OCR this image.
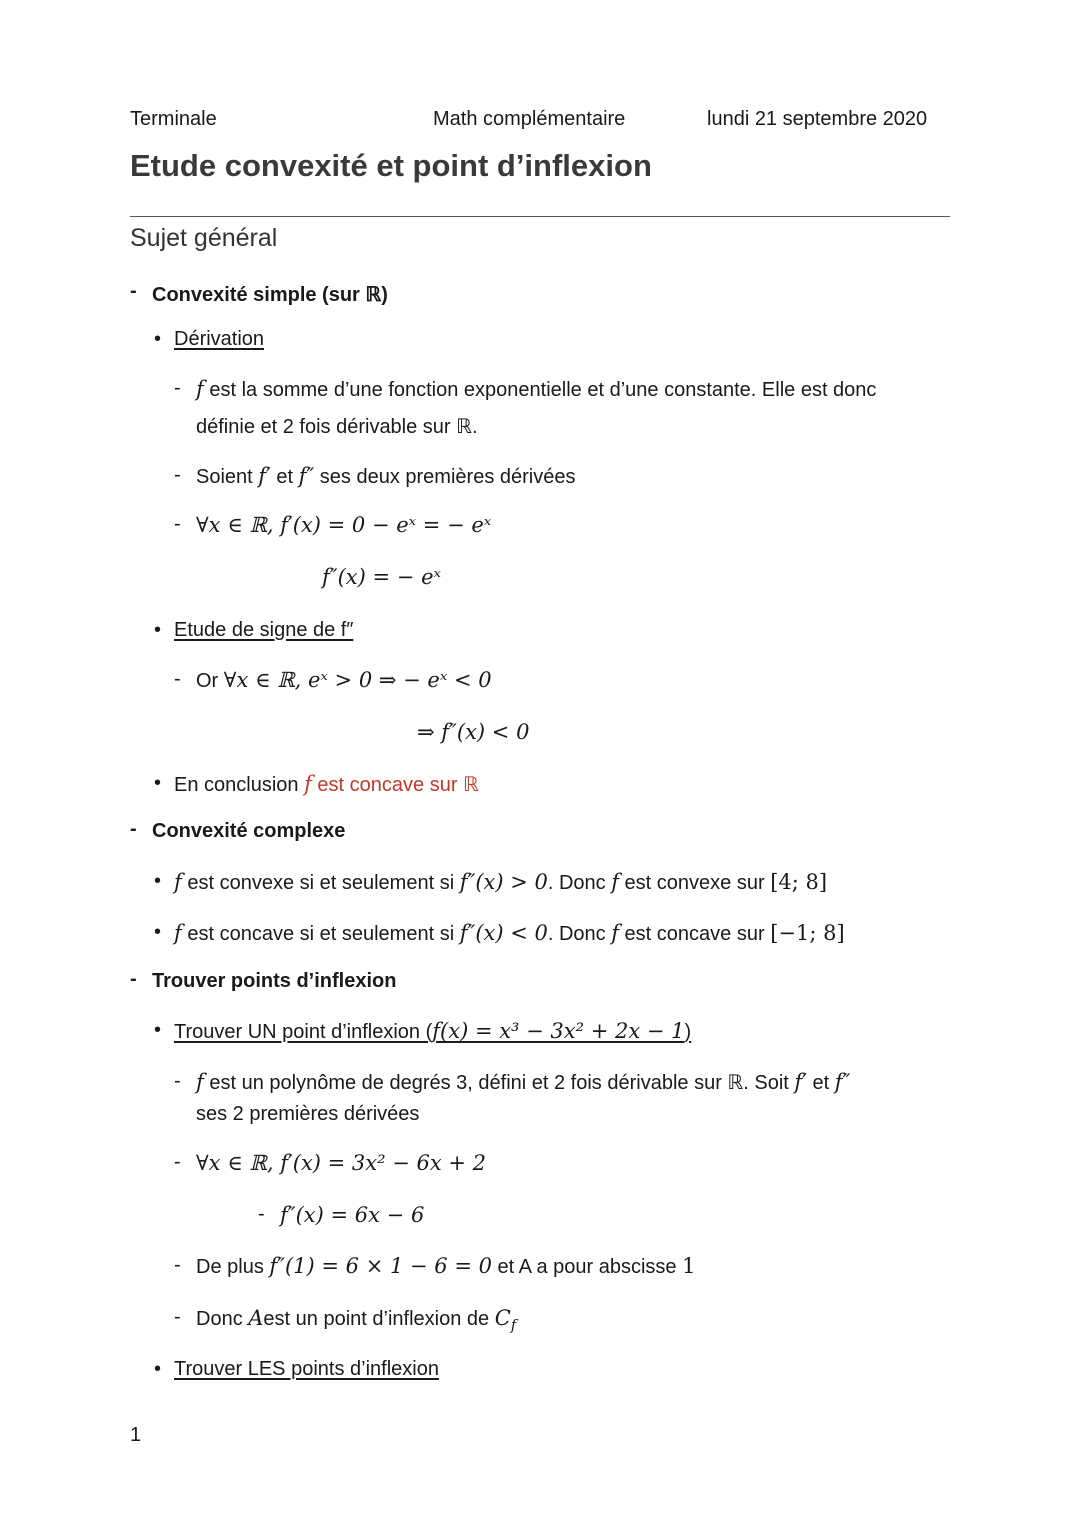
Terminale	Math complémentaire	lundi 21 septembre 2020
Etude convexité et point d’inflexion
Sujet général
- Convexité simple (sur ℝ)
• Dérivation
- f est la somme d’une fonction exponentielle et d’une constante. Elle est donc
définie et 2 fois dérivable sur ℝ.
- Soient f′ et f″ ses deux premières dérivées
- ∀x ∈ ℝ, f′(x) = 0 − eˣ = − eˣ
f″(x) = − eˣ
• Etude de signe de f″
- Or ∀x ∈ ℝ, eˣ > 0 ⇒ − eˣ < 0
⇒ f″(x) < 0
• En conclusion f est concave sur ℝ
- Convexité complexe
• f est convexe si et seulement si f″(x) > 0. Donc f est convexe sur [4; 8]
• f est concave si et seulement si f″(x) < 0. Donc f est concave sur [−1; 8]
- Trouver points d’inflexion
• Trouver UN point d’inflexion (f(x) = x³ − 3x² + 2x − 1)
- f est un polynôme de degrés 3, défini et 2 fois dérivable sur ℝ. Soit f′ et f″
ses 2 premières dérivées
- ∀x ∈ ℝ, f′(x) = 3x² − 6x + 2
- f″(x) = 6x − 6
- De plus f″(1) = 6 × 1 − 6 = 0 et A a pour abscisse 1
- Donc Aest un point d’inflexion de $C_f$
• Trouver LES points d’inflexion
1
